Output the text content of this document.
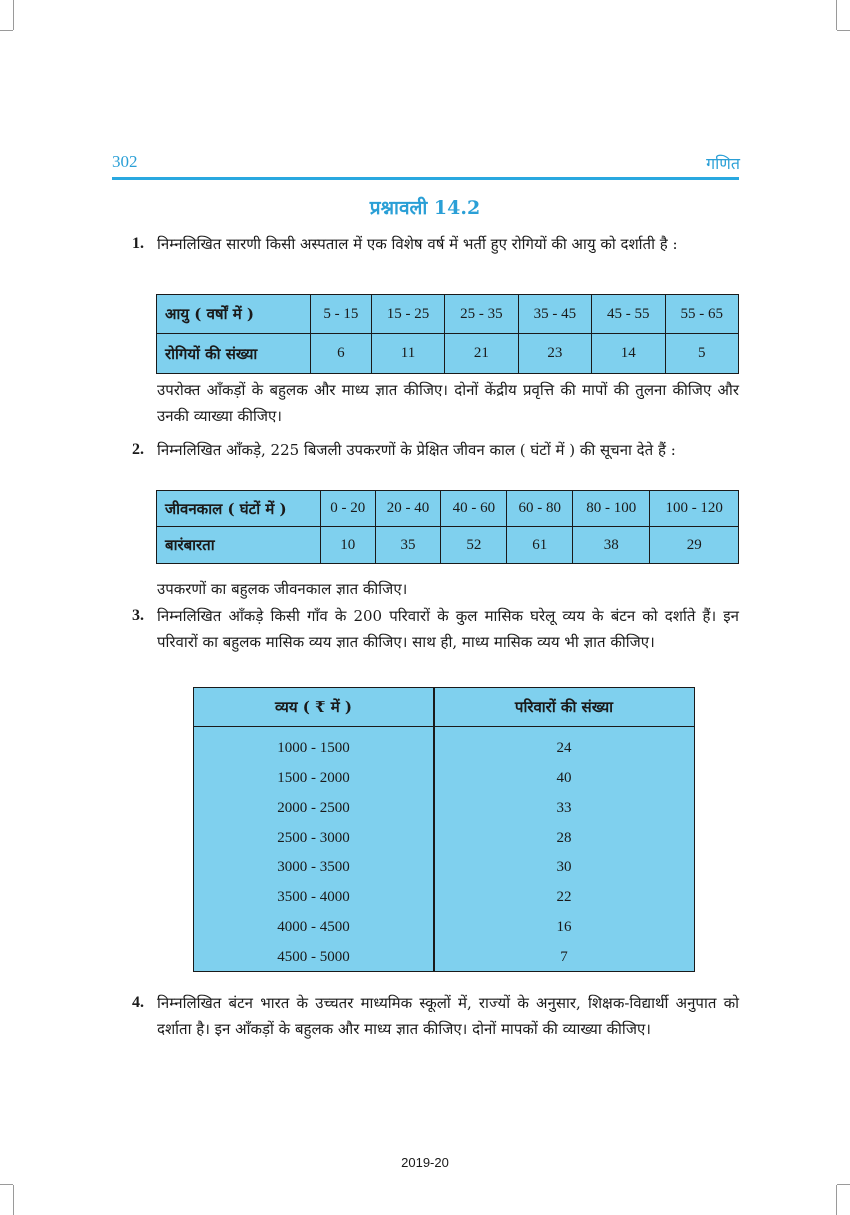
302	गणित
प्रश्नावली 14.2
1. निम्नलिखित सारणी किसी अस्पताल में एक विशेष वर्ष में भर्ती हुए रोगियों की आयु को दर्शाती है :
आयु ( वर्षों में )	5 - 15	15 - 25	25 - 35	35 - 45	45 - 55	55 - 65
रोगियों की संख्या	6	11	21	23	14	5
उपरोक्त आँकड़ों के बहुलक और माध्य ज्ञात कीजिए। दोनों केंद्रीय प्रवृत्ति की मापों की तुलना कीजिए और उनकी व्याख्या कीजिए।
2. निम्नलिखित आँकड़े, 225 बिजली उपकरणों के प्रेक्षित जीवन काल ( घंटों में ) की सूचना देते हैं :
जीवनकाल ( घंटों में )	0 - 20	20 - 40	40 - 60	60 - 80	80 - 100	100 - 120
बारंबारता	10	35	52	61	38	29
उपकरणों का बहुलक जीवनकाल ज्ञात कीजिए।
3. निम्नलिखित आँकड़े किसी गाँव के 200 परिवारों के कुल मासिक घरेलू व्यय के बंटन को दर्शाते हैं। इन परिवारों का बहुलक मासिक व्यय ज्ञात कीजिए। साथ ही, माध्य मासिक व्यय भी ज्ञात कीजिए।
व्यय ( ₹ में )	परिवारों की संख्या
1000 - 1500	24
1500 - 2000	40
2000 - 2500	33
2500 - 3000	28
3000 - 3500	30
3500 - 4000	22
4000 - 4500	16
4500 - 5000	7
4. निम्नलिखित बंटन भारत के उच्चतर माध्यमिक स्कूलों में, राज्यों के अनुसार, शिक्षक-विद्यार्थी अनुपात को दर्शाता है। इन आँकड़ों के बहुलक और माध्य ज्ञात कीजिए। दोनों मापकों की व्याख्या कीजिए।
2019-20
